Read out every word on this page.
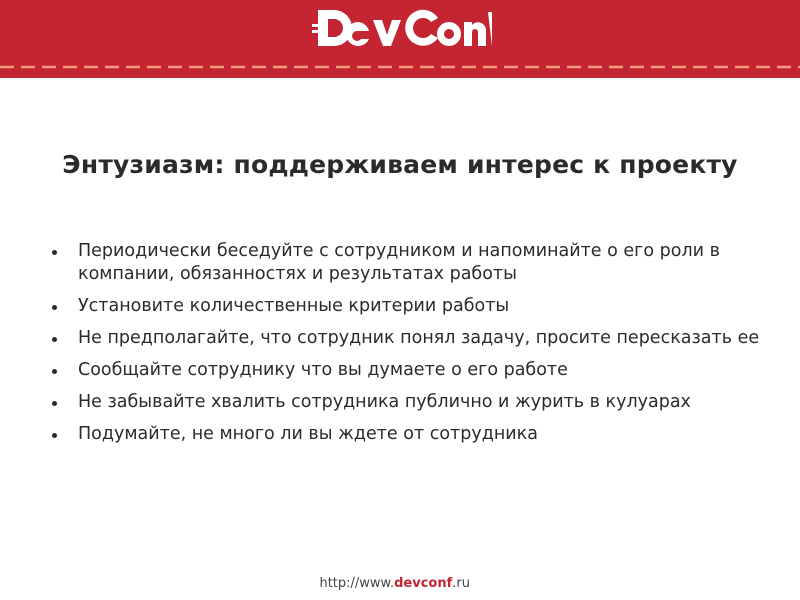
Энтузиазм: поддерживаем интерес к проекту
Периодически беседуйте с сотрудником и напоминайте о его роли в компании, обязанностях и результатах работы
Установите количественные критерии работы
Не предполагайте, что сотрудник понял задачу, просите пересказать ее
Сообщайте сотруднику что вы думаете о его работе
Не забывайте хвалить сотрудника публично и журить в кулуарах
Подумайте, не много ли вы ждете от сотрудника
http://www.devconf.ru
